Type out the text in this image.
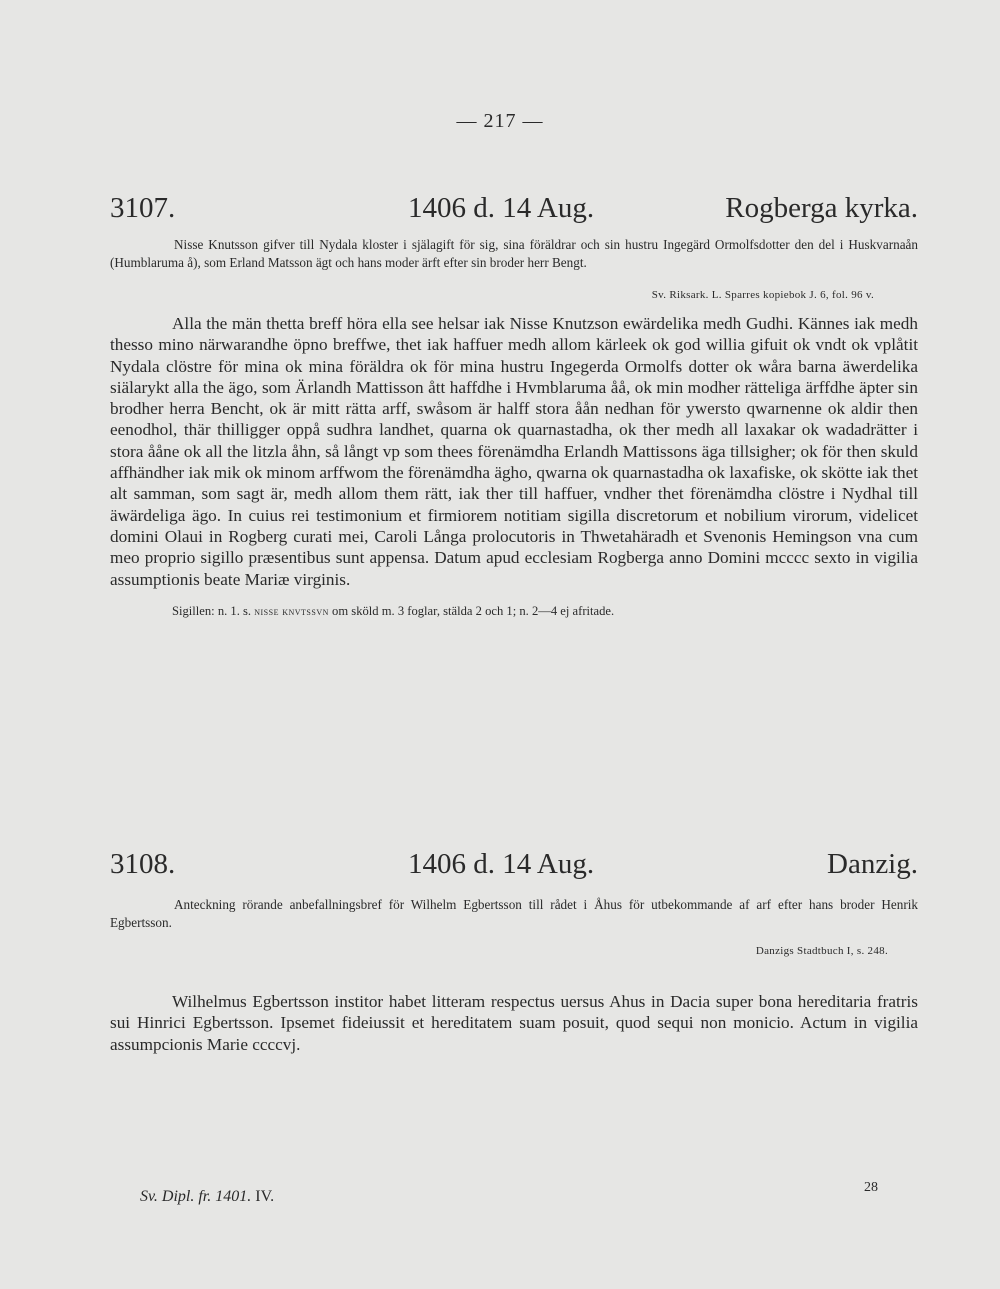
— 217 —
3107.	1406 d. 14 Aug.	Rogberga kyrka.

Nisse Knutsson gifver till Nydala kloster i själagift för sig, sina föräldrar och sin hustru Ingegärd Ormolfsdotter den del i Huskvarnaån (Humblaruma å), som Erland Matsson ägt och hans moder ärft efter sin broder herr Bengt.

Sv. Riksark. L. Sparres kopiebok J. 6, fol. 96 v.

Alla the män thetta breff höra ella see helsar iak Nisse Knutzson ewärdelika medh Gudhi. Kännes iak medh thesso mino närwarandhe öpno breffwe, thet iak haffuer medh allom kärleek ok god willia gifuit ok vndt ok vplåtit Nydala clöstre för mina ok mina föräldra ok för mina hustru Ingegerda Ormolfs dotter ok wåra barna äwerdelika siälarykt alla the ägo, som Ärlandh Mattisson ått haffdhe i Hvmblaruma åå, ok min modher rätteliga ärffdhe äpter sin brodher herra Bencht, ok är mitt rätta arff, swåsom är halff stora åån nedhan för ywersto qwarnenne ok aldir then eenodhol, thär thilligger oppå sudhra landhet, quarna ok quarnastadha, ok ther medh all laxakar ok wadadrätter i stora ååne ok all the litzla åhn, så långt vp som thees förenämdha Erlandh Mattissons äga tillsigher; ok för then skuld affhändher iak mik ok minom arffwom the förenämdha ägho, qwarna ok quarnastadha ok laxafiske, ok skötte iak thet alt samman, som sagt är, medh allom them rätt, iak ther till haffuer, vndher thet förenämdha clöstre i Nydhal till äwärdeliga ägo. In cuius rei testimonium et firmiorem notitiam sigilla discretorum et nobilium virorum, videlicet domini Olaui in Rogberg curati mei, Caroli Långa prolocutoris in Thwetahäradh et Svenonis Hemingson vna cum meo proprio sigillo præsentibus sunt appensa. Datum apud ecclesiam Rogberga anno Domini mcccc sexto in vigilia assumptionis beate Mariæ virginis.

Sigillen: n. 1. s. nisse knvtssvn om sköld m. 3 foglar, stälda 2 och 1; n. 2—4 ej afritade.

3108.	1406 d. 14 Aug.	Danzig.

Anteckning rörande anbefallningsbref för Wilhelm Egbertsson till rådet i Åhus för utbekommande af arf efter hans broder Henrik Egbertsson.

Danzigs Stadtbuch I, s. 248.

Wilhelmus Egbertsson institor habet litteram respectus uersus Ahus in Dacia super bona hereditaria fratris sui Hinrici Egbertsson. Ipsemet fideiussit et hereditatem suam posuit, quod sequi non monicio. Actum in vigilia assumpcionis Marie ccccvj.

Sv. Dipl. fr. 1401. IV.
28
